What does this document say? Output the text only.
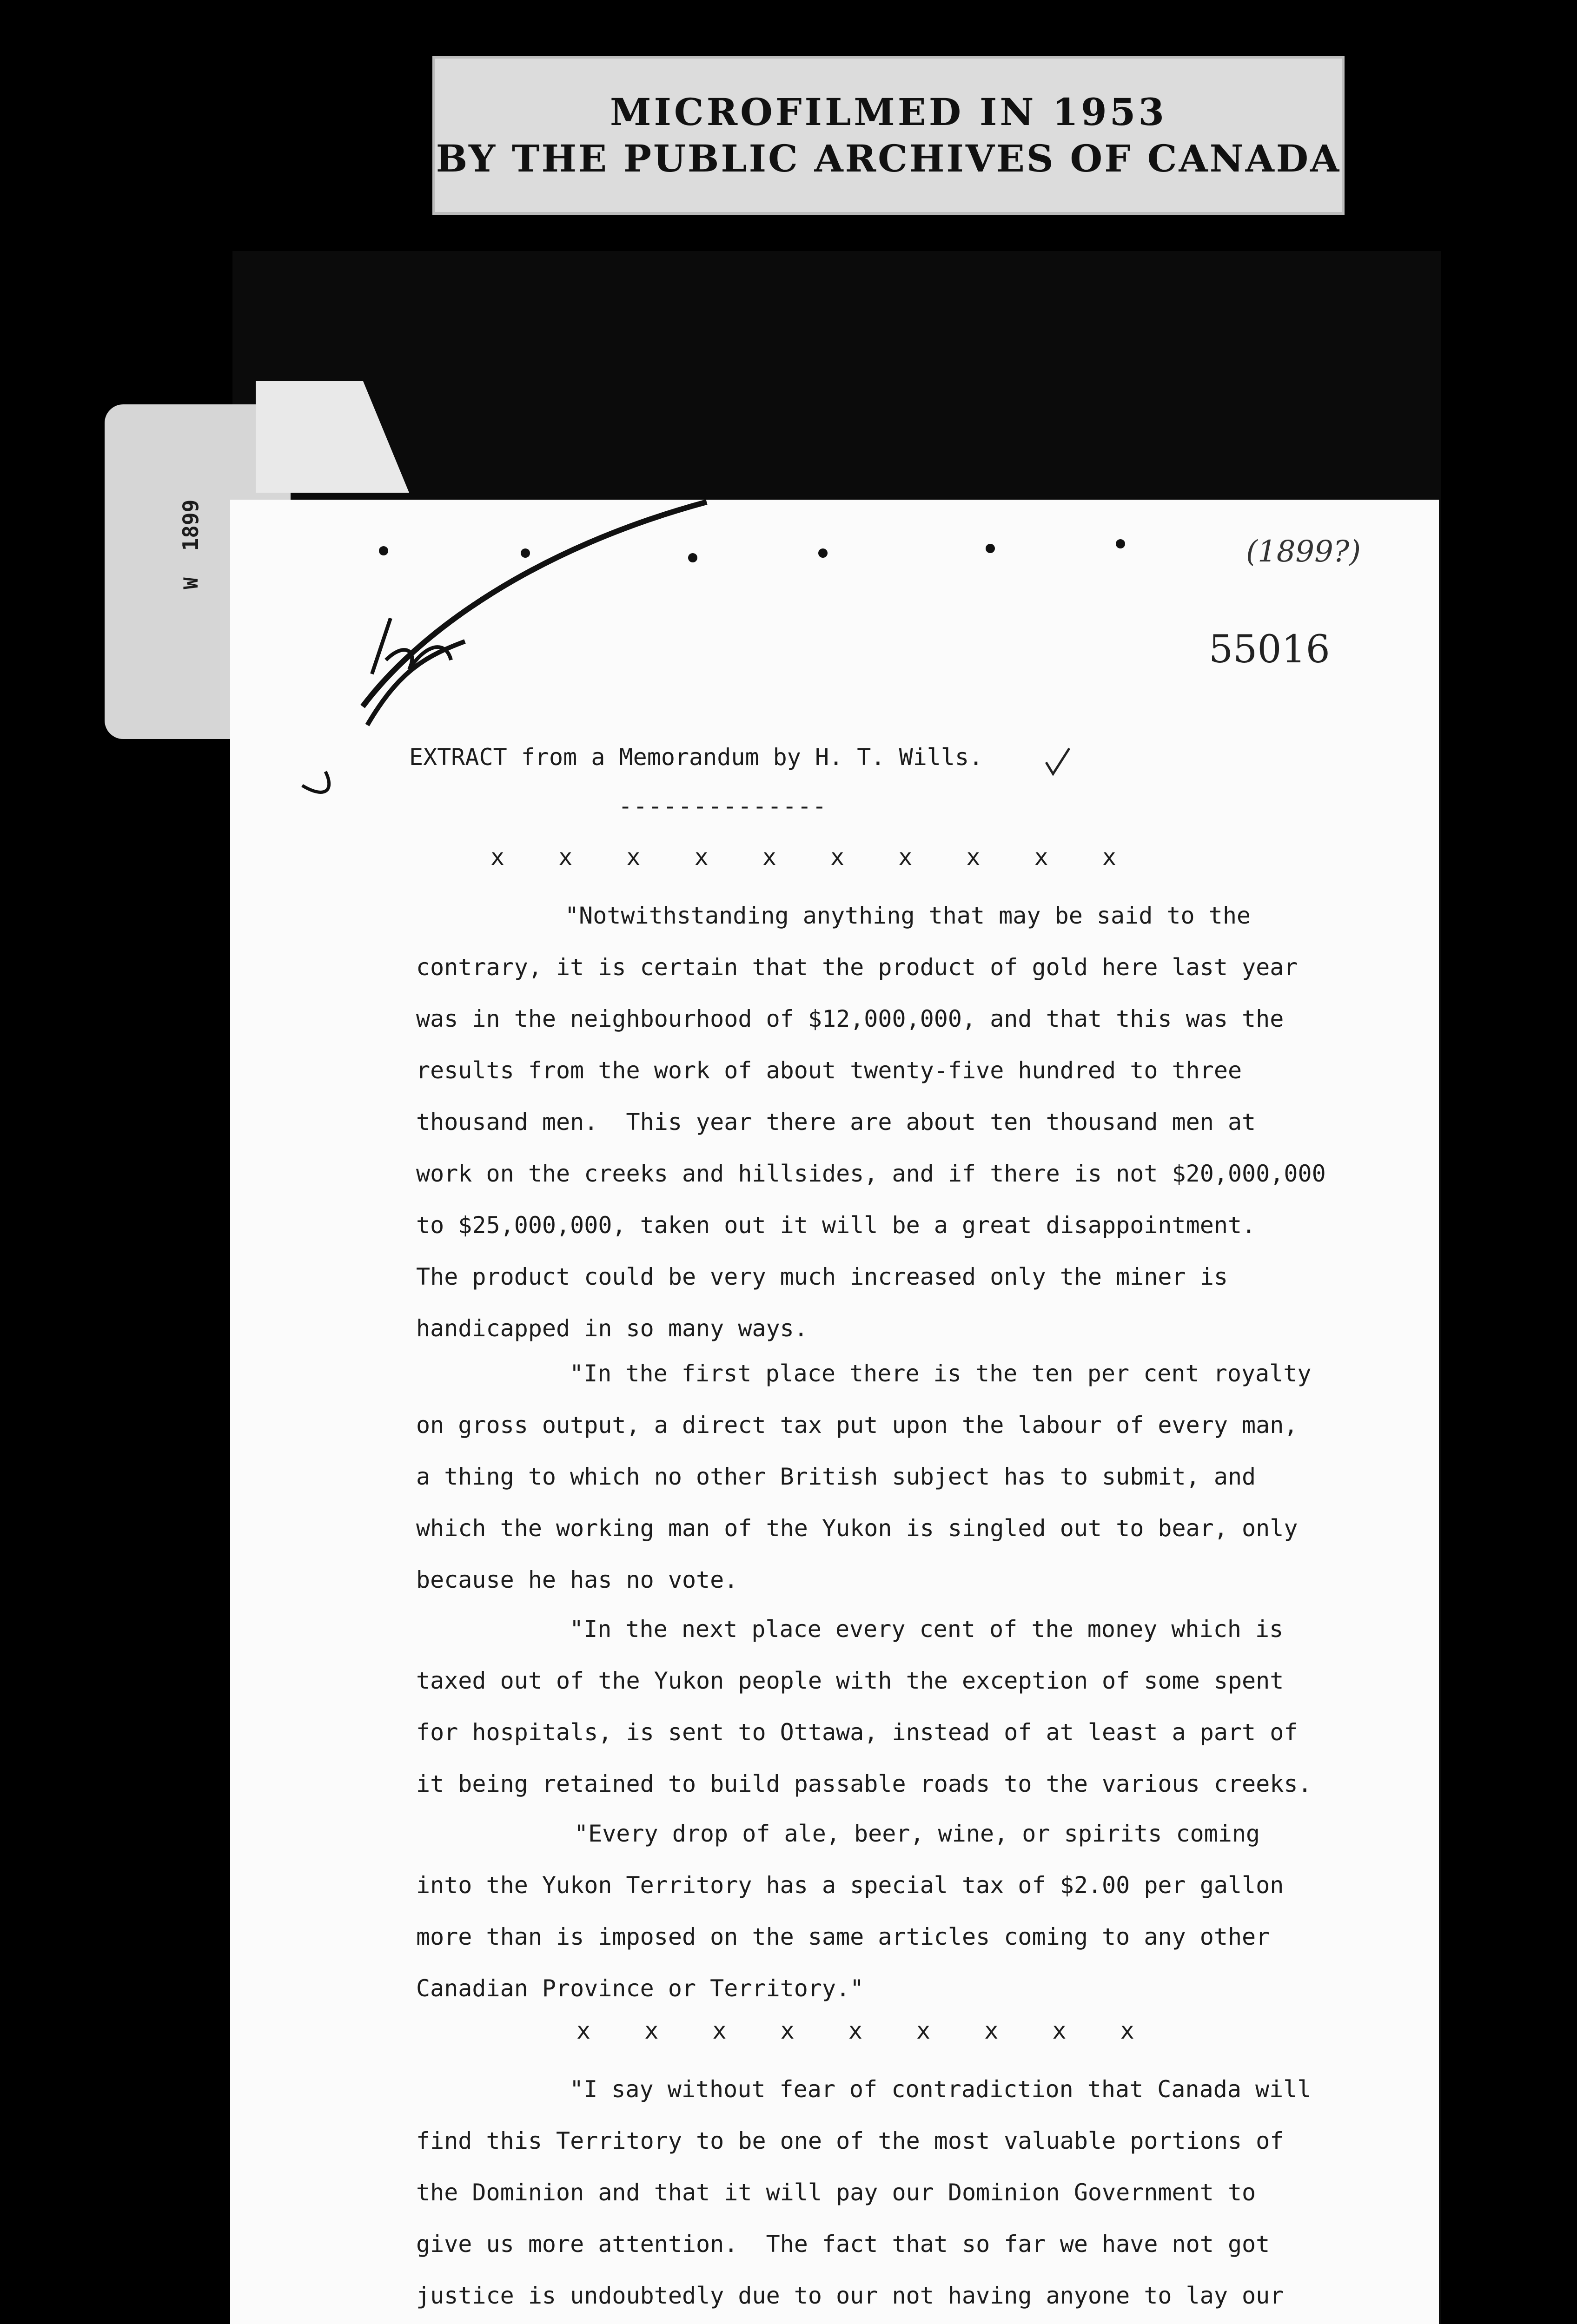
MICROFILMED IN 1953
BY THE PUBLIC ARCHIVES OF CANADA
1899
W
(1899?)
55016
EXTRACT from a Memorandum by H. T. Wills.
--------------
x x x x x x x x x x
"Notwithstanding anything that may be said to the
contrary, it is certain that the product of gold here last year
was in the neighbourhood of $12,000,000, and that this was the
results from the work of about twenty-five hundred to three
thousand men.  This year there are about ten thousand men at
work on the creeks and hillsides, and if there is not $20,000,000
to $25,000,000, taken out it will be a great disappointment.
The product could be very much increased only the miner is
handicapped in so many ways.
"In the first place there is the ten per cent royalty
on gross output, a direct tax put upon the labour of every man,
a thing to which no other British subject has to submit, and
which the working man of the Yukon is singled out to bear, only
because he has no vote.
"In the next place every cent of the money which is
taxed out of the Yukon people with the exception of some spent
for hospitals, is sent to Ottawa, instead of at least a part of
it being retained to build passable roads to the various creeks.
"Every drop of ale, beer, wine, or spirits coming
into the Yukon Territory has a special tax of $2.00 per gallon
more than is imposed on the same articles coming to any other
Canadian Province or Territory."
x x x x x x x x x
"I say without fear of contradiction that Canada will
find this Territory to be one of the most valuable portions of
the Dominion and that it will pay our Dominion Government to
give us more attention.  The fact that so far we have not got
justice is undoubtedly due to our not having anyone to lay our
